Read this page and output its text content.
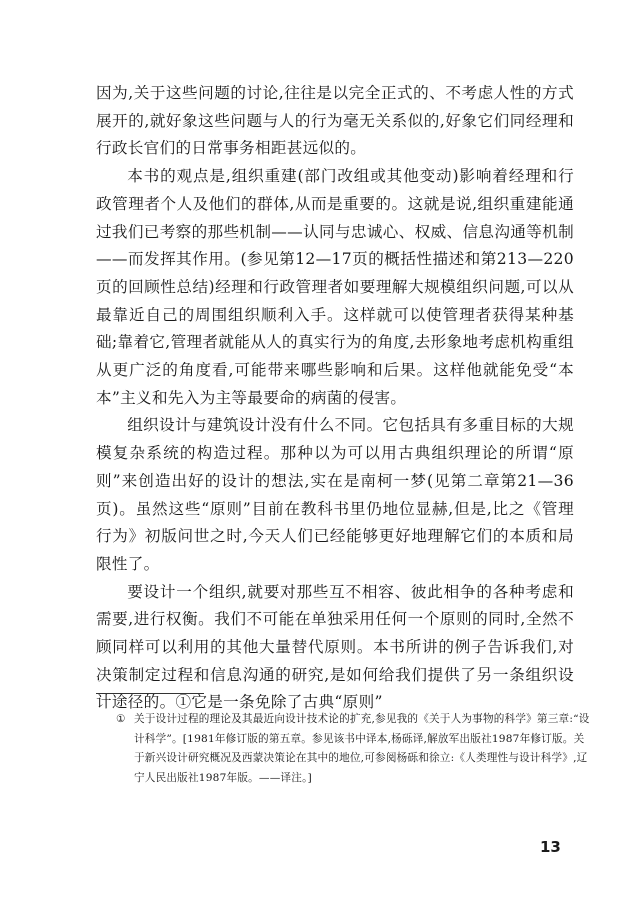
因为,关于这些问题的讨论,往往是以完全正式的、不考虑人性的方式展开的,就好象这些问题与人的行为毫无关系似的,好象它们同经理和行政长官们的日常事务相距甚远似的。

本书的观点是,组织重建(部门改组或其他变动)影响着经理和行政管理者个人及他们的群体,从而是重要的。这就是说,组织重建能通过我们已考察的那些机制——认同与忠诚心、权威、信息沟通等机制——而发挥其作用。(参见第12—17页的概括性描述和第213—220页的回顾性总结)经理和行政管理者如要理解大规模组织问题,可以从最靠近自己的周围组织顺利入手。这样就可以使管理者获得某种基础;靠着它,管理者就能从人的真实行为的角度,去形象地考虑机构重组从更广泛的角度看,可能带来哪些影响和后果。这样他就能免受“本本”主义和先入为主等最要命的病菌的侵害。

组织设计与建筑设计没有什么不同。它包括具有多重目标的大规模复杂系统的构造过程。那种以为可以用古典组织理论的所谓“原则”来创造出好的设计的想法,实在是南柯一梦(见第二章第21—36页)。虽然这些“原则”目前在教科书里仍地位显赫,但是,比之《管理行为》初版问世之时,今天人们已经能够更好地理解它们的本质和局限性了。

要设计一个组织,就要对那些互不相容、彼此相争的各种考虑和需要,进行权衡。我们不可能在单独采用任何一个原则的同时,全然不顾同样可以利用的其他大量替代原则。本书所讲的例子告诉我们,对决策制定过程和信息沟通的研究,是如何给我们提供了另一条组织设计途径的。①它是一条免除了古典“原则”

① 关于设计过程的理论及其最近向设计技术论的扩充,参见我的《关于人为事物的科学》第三章:“设计科学”。[1981年修订版的第五章。参见该书中译本,杨砾译,解放军出版社1987年修订版。关于新兴设计研究概况及西蒙决策论在其中的地位,可参阅杨砾和徐立:《人类理性与设计科学》,辽宁人民出版社1987年版。——译注。]
13
